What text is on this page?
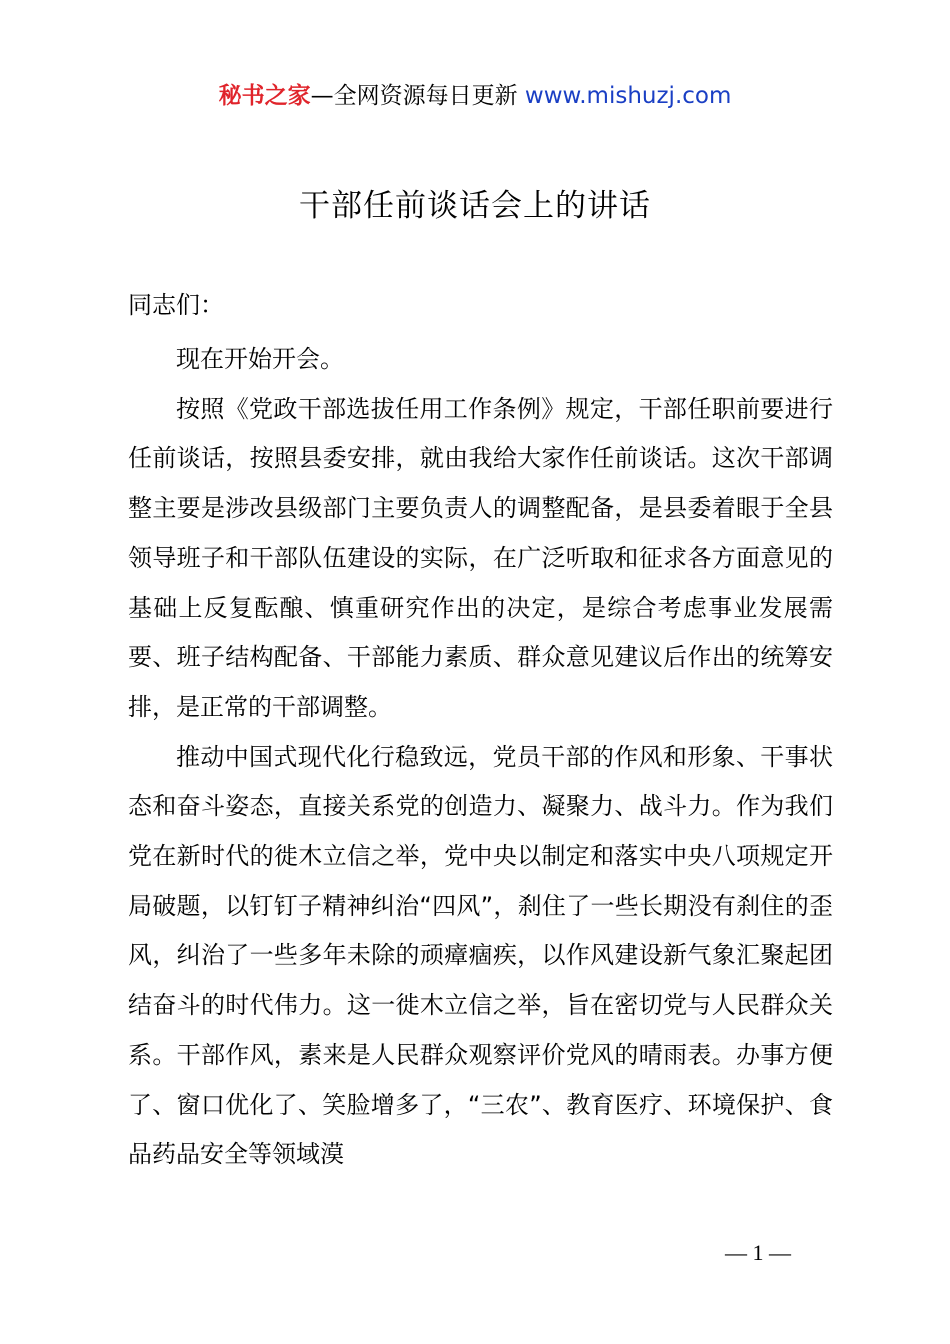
秘书之家—全网资源每日更新 www.mishuzj.com
干部任前谈话会上的讲话
同志们：

现在开始开会。

按照《党政干部选拔任用工作条例》规定，干部任职前要进行任前谈话，按照县委安排，就由我给大家作任前谈话。这次干部调整主要是涉改县级部门主要负责人的调整配备，是县委着眼于全县领导班子和干部队伍建设的实际，在广泛听取和征求各方面意见的基础上反复酝酿、慎重研究作出的决定，是综合考虑事业发展需要、班子结构配备、干部能力素质、群众意见建议后作出的统筹安排，是正常的干部调整。

推动中国式现代化行稳致远，党员干部的作风和形象、干事状态和奋斗姿态，直接关系党的创造力、凝聚力、战斗力。作为我们党在新时代的徙木立信之举，党中央以制定和落实中央八项规定开局破题，以钉钉子精神纠治“四风”，刹住了一些长期没有刹住的歪风，纠治了一些多年未除的顽瘴痼疾，以作风建设新气象汇聚起团结奋斗的时代伟力。这一徙木立信之举，旨在密切党与人民群众关系。干部作风，素来是人民群众观察评价党风的晴雨表。办事方便了、窗口优化了、笑脸增多了，“三农”、教育医疗、环境保护、食品药品安全等领域漠

— 1 —
